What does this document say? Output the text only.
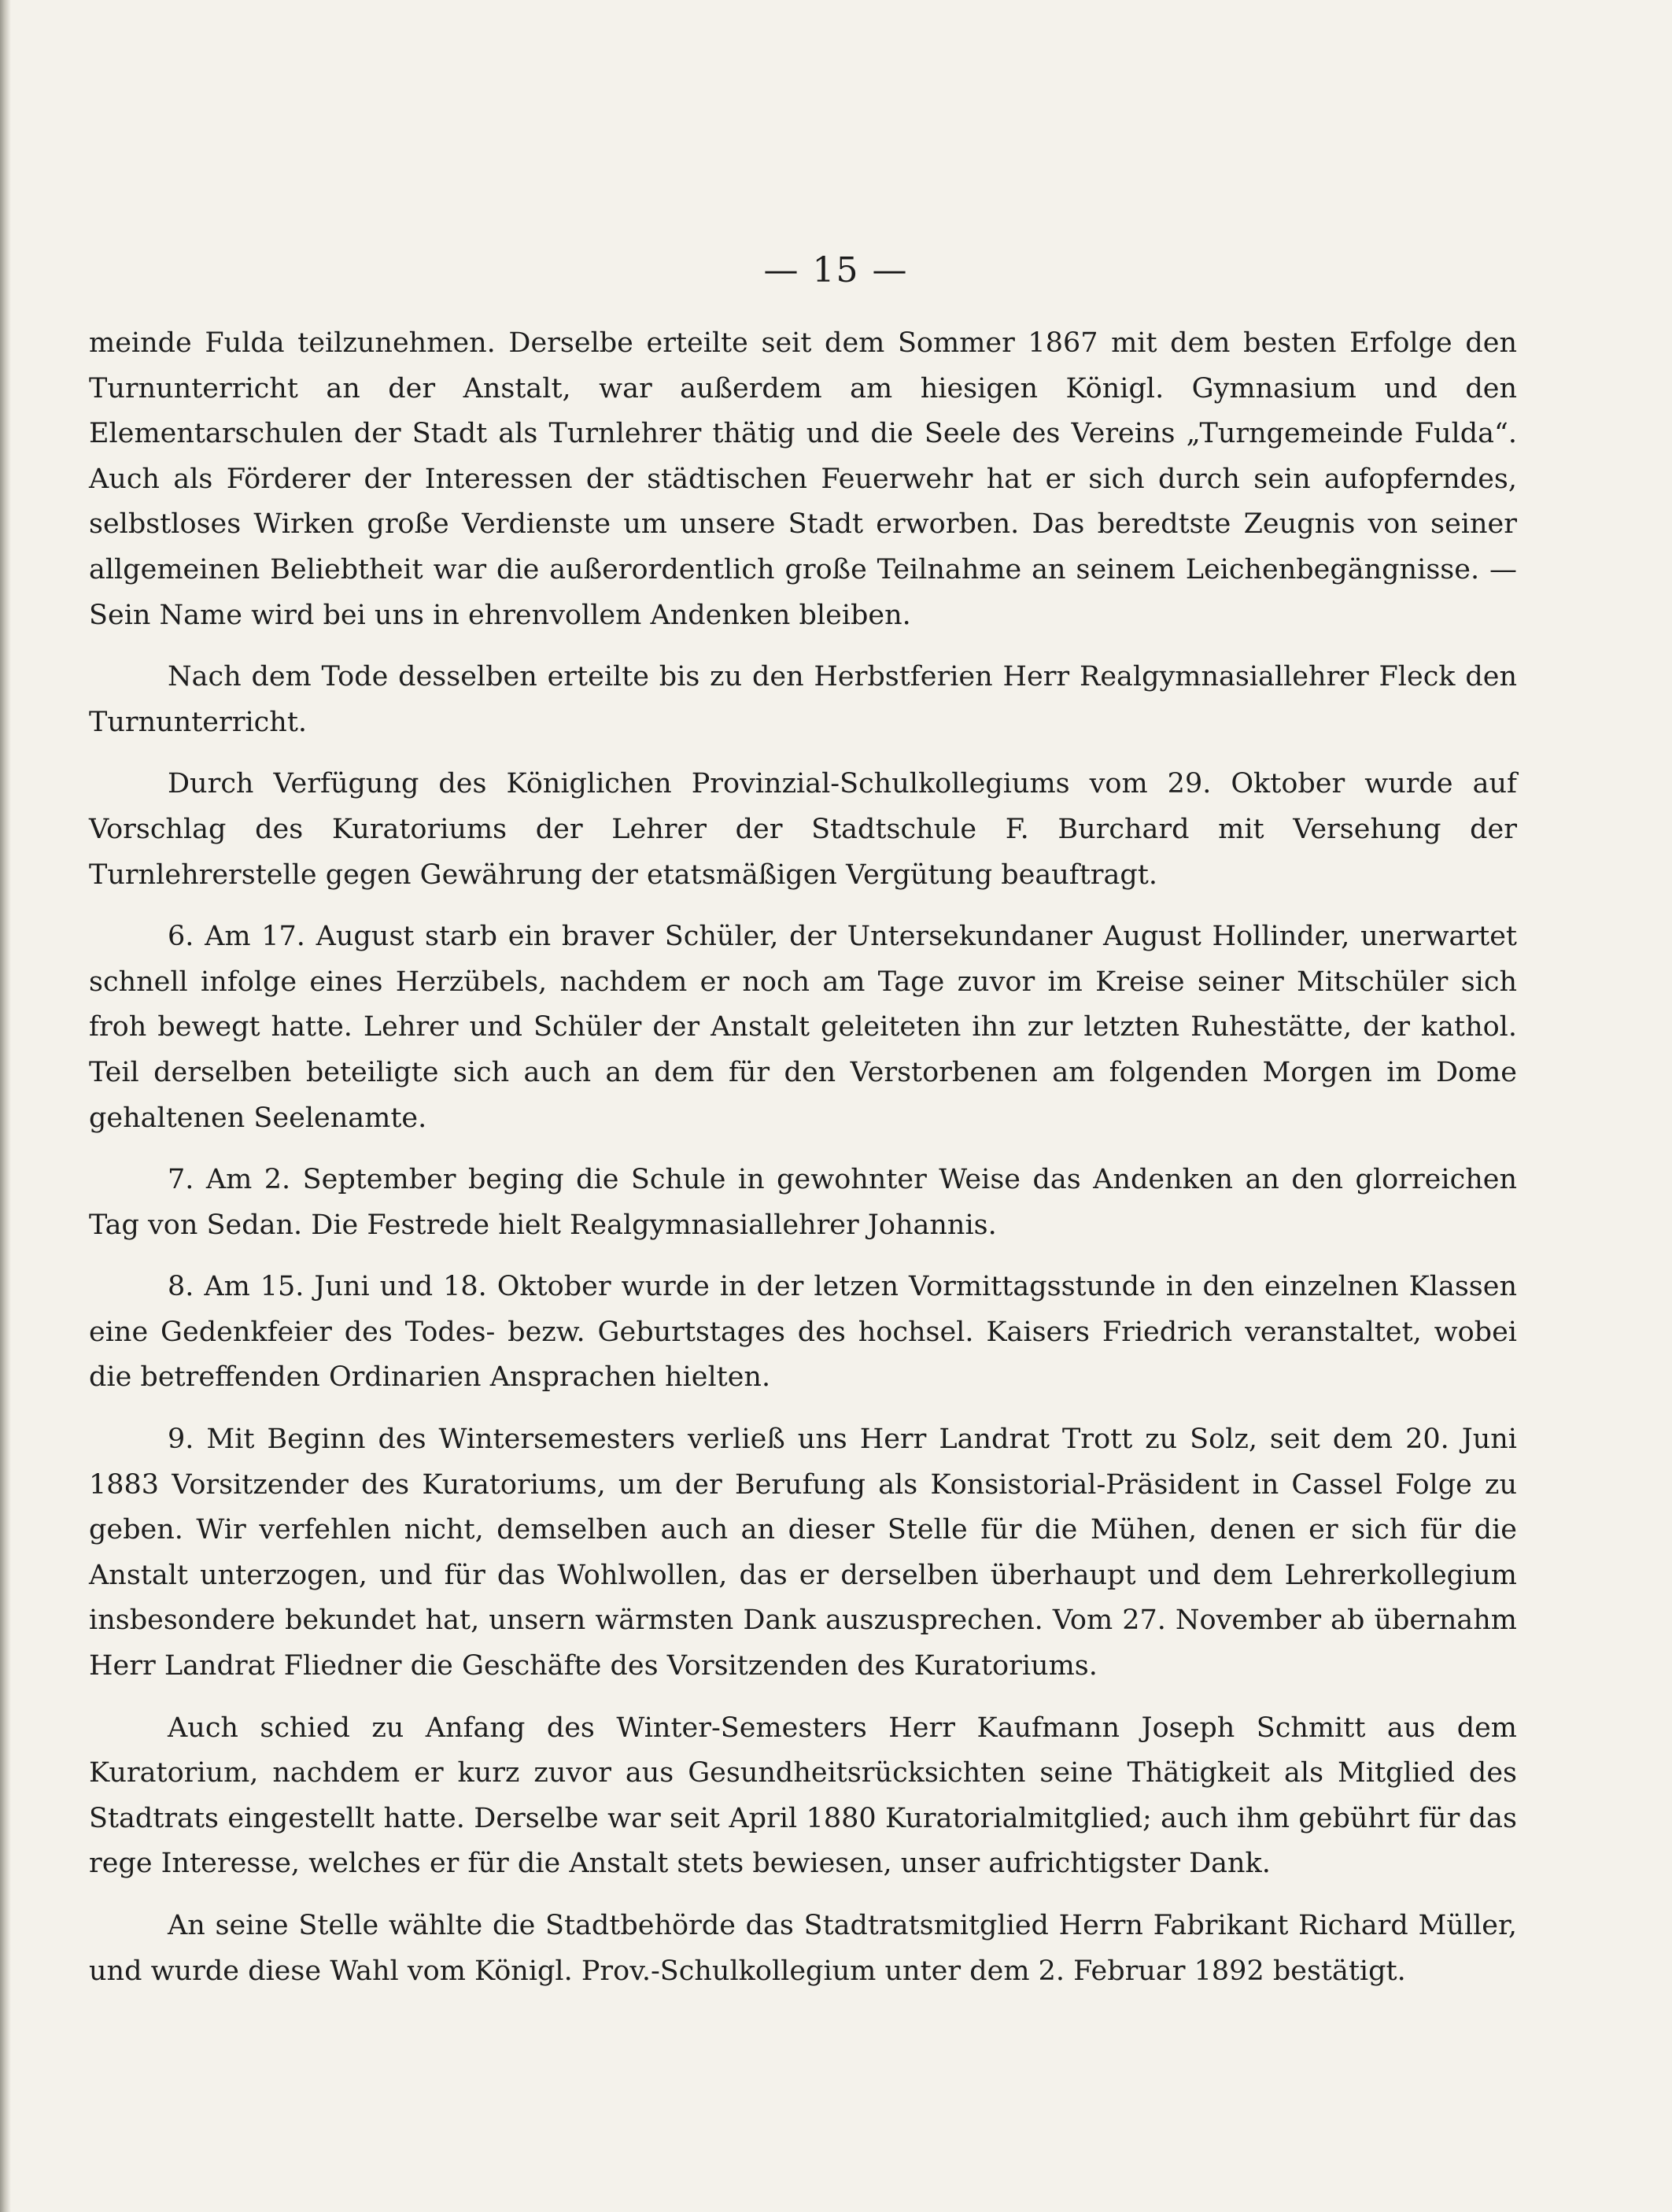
— 15 —

meinde Fulda teilzunehmen. Derselbe erteilte seit dem Sommer 1867 mit dem besten Erfolge den Turnunterricht an der Anstalt, war außerdem am hiesigen Königl. Gymnasium und den Elementarschulen der Stadt als Turnlehrer thätig und die Seele des Vereins „Turngemeinde Fulda“. Auch als Förderer der Interessen der städtischen Feuerwehr hat er sich durch sein aufopferndes, selbstloses Wirken große Verdienste um unsere Stadt erworben. Das beredtste Zeugnis von seiner allgemeinen Beliebtheit war die außerordentlich große Teilnahme an seinem Leichenbegängnisse. — Sein Name wird bei uns in ehrenvollem Andenken bleiben.

Nach dem Tode desselben erteilte bis zu den Herbstferien Herr Realgymnasiallehrer Fleck den Turnunterricht.

Durch Verfügung des Königlichen Provinzial-Schulkollegiums vom 29. Oktober wurde auf Vorschlag des Kuratoriums der Lehrer der Stadtschule F. Burchard mit Versehung der Turnlehrerstelle gegen Gewährung der etatsmäßigen Vergütung beauftragt.

6. Am 17. August starb ein braver Schüler, der Untersekundaner August Hollinder, unerwartet schnell infolge eines Herzübels, nachdem er noch am Tage zuvor im Kreise seiner Mitschüler sich froh bewegt hatte. Lehrer und Schüler der Anstalt geleiteten ihn zur letzten Ruhestätte, der kathol. Teil derselben beteiligte sich auch an dem für den Verstorbenen am folgenden Morgen im Dome gehaltenen Seelenamte.

7. Am 2. September beging die Schule in gewohnter Weise das Andenken an den glorreichen Tag von Sedan. Die Festrede hielt Realgymnasiallehrer Johannis.

8. Am 15. Juni und 18. Oktober wurde in der letzen Vormittagsstunde in den einzelnen Klassen eine Gedenkfeier des Todes- bezw. Geburtstages des hochsel. Kaisers Friedrich veranstaltet, wobei die betreffenden Ordinarien Ansprachen hielten.

9. Mit Beginn des Wintersemesters verließ uns Herr Landrat Trott zu Solz, seit dem 20. Juni 1883 Vorsitzender des Kuratoriums, um der Berufung als Konsistorial-Präsident in Cassel Folge zu geben. Wir verfehlen nicht, demselben auch an dieser Stelle für die Mühen, denen er sich für die Anstalt unterzogen, und für das Wohlwollen, das er derselben überhaupt und dem Lehrerkollegium insbesondere bekundet hat, unsern wärmsten Dank auszusprechen. Vom 27. November ab übernahm Herr Landrat Fliedner die Geschäfte des Vorsitzenden des Kuratoriums.

Auch schied zu Anfang des Winter-Semesters Herr Kaufmann Joseph Schmitt aus dem Kuratorium, nachdem er kurz zuvor aus Gesundheitsrücksichten seine Thätigkeit als Mitglied des Stadtrats eingestellt hatte. Derselbe war seit April 1880 Kuratorialmitglied; auch ihm gebührt für das rege Interesse, welches er für die Anstalt stets bewiesen, unser aufrichtigster Dank.

An seine Stelle wählte die Stadtbehörde das Stadtratsmitglied Herrn Fabrikant Richard Müller, und wurde diese Wahl vom Königl. Prov.-Schulkollegium unter dem 2. Februar 1892 bestätigt.
